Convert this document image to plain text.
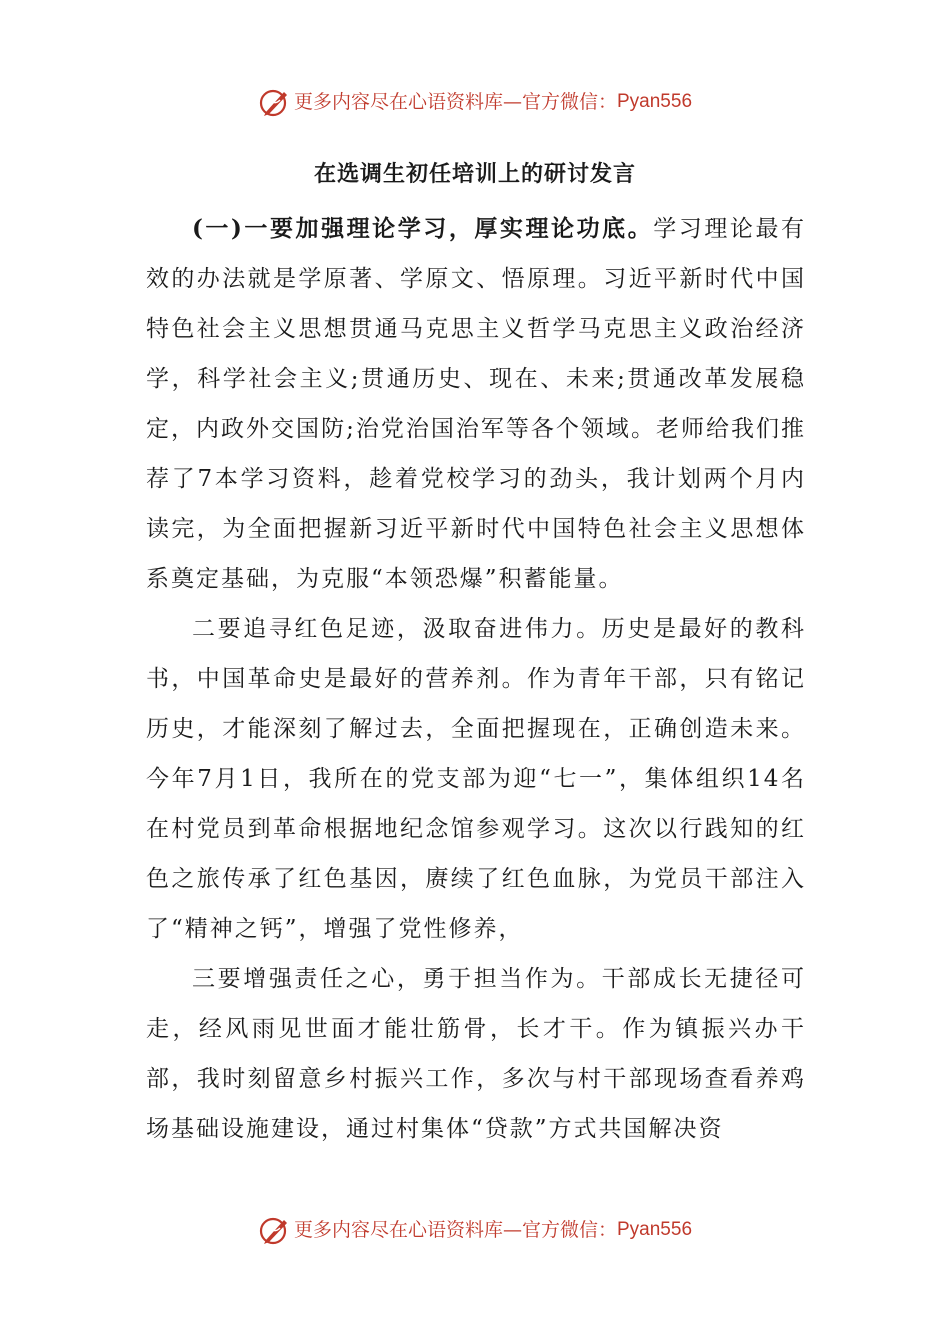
更多内容尽在心语资料库—官方微信： Pyan556
在选调生初任培训上的研讨发言

(一)一要加强理论学习，厚实理论功底。学习理论最有效的办法就是学原著、学原文、悟原理。习近平新时代中国特色社会主义思想贯通马克思主义哲学马克思主义政治经济学，科学社会主义;贯通历史、现在、未来;贯通改革发展稳定，内政外交国防;治党治国治军等各个领域。老师给我们推荐了7本学习资料，趁着党校学习的劲头，我计划两个月内读完，为全面把握新习近平新时代中国特色社会主义思想体系奠定基础，为克服“本领恐爆”积蓄能量。

二要追寻红色足迹，汲取奋进伟力。历史是最好的教科书，中国革命史是最好的营养剂。作为青年干部，只有铭记历史，才能深刻了解过去，全面把握现在，正确创造未来。今年7月1日，我所在的党支部为迎“七一”，集体组织14名在村党员到革命根据地纪念馆参观学习。这次以行践知的红色之旅传承了红色基因，赓续了红色血脉，为党员干部注入了“精神之钙”，增强了党性修养，

三要增强责任之心，勇于担当作为。干部成长无捷径可走，经风雨见世面才能壮筋骨，长才干。作为镇振兴办干部，我时刻留意乡村振兴工作，多次与村干部现场查看养鸡场基础设施建设，通过村集体“贷款”方式共国解决资

更多内容尽在心语资料库—官方微信： Pyan556
